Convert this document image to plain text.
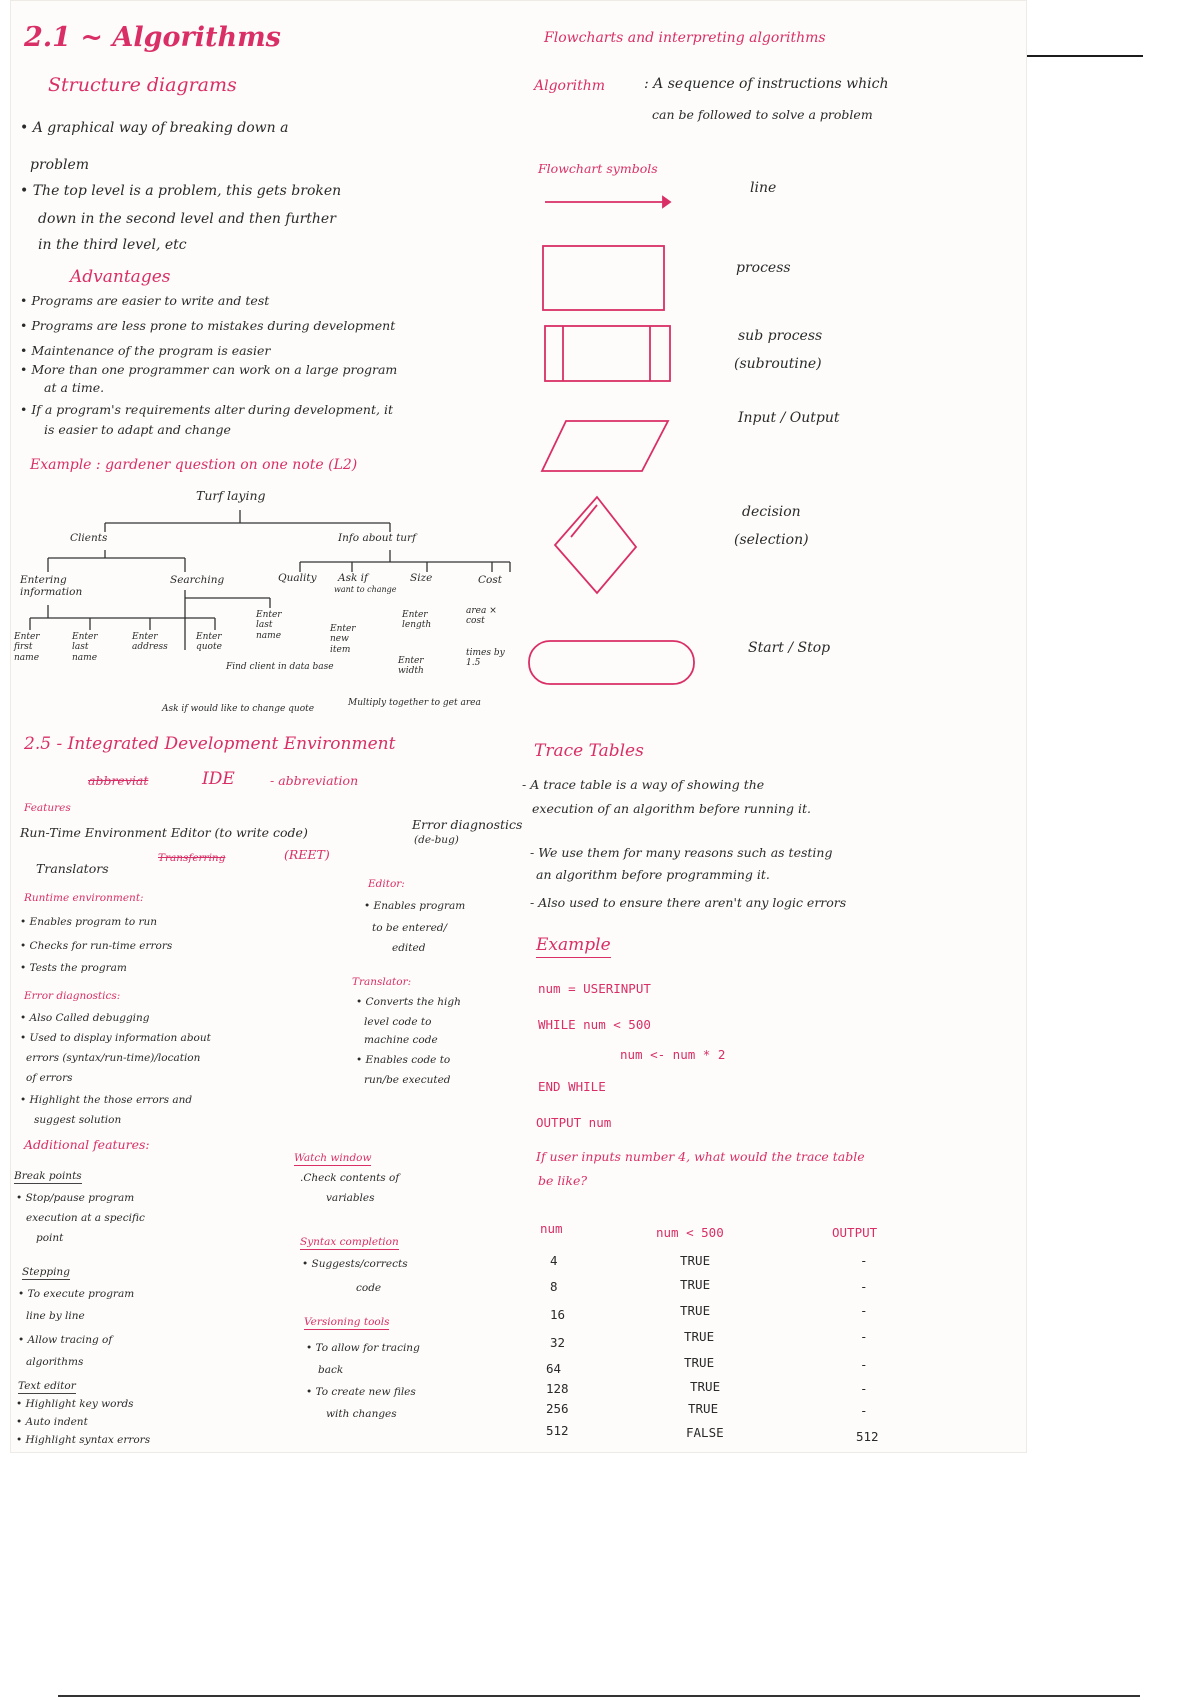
2.1 ~ Algorithms
Structure diagrams
• A graphical way of breaking down a
problem
• The top level is a problem, this gets broken
down in the second level and then further
in the third level, etc
Advantages
• Programs are easier to write and test
• Programs are less prone to mistakes during development
• Maintenance of the program is easier
• More than one programmer can work on a large program
at a time.
• If a program's requirements alter during development, it
is easier to adapt and change
Example : gardener question on one note (L2)
Turf laying
Clients	Info about turf
Entering information
Searching	Quality Ask if
want to change
Size	Cost
Enter first name
Enter last name
Enter address
Enter quote
Enter last name
Find client in data base
Enter new item
Enter length
Enter width
area × cost
times by 1.5
Ask if would like to change quote
Multiply together to get area
2.5 - Integrated Development Environment
abbreviat	IDE	- abbreviation
Features
Run-Time Environment Editor (to write code)
Error diagnostics
(de-bug)
Translators
Transferring	(REET)
Runtime environment:
• Enables program to run
• Checks for run-time errors
• Tests the program
Editor:
• Enables program
to be entered/
edited
Error diagnostics:
• Also Called debugging
• Used to display information about
errors (syntax/run-time)/location
of errors
• Highlight the those errors and
suggest solution
Translator:
• Converts the high
level code to
machine code
• Enables code to
run/be executed
Additional features:
Break points
• Stop/pause program
execution at a specific
point
Stepping
• To execute program
line by line
• Allow tracing of
algorithms
Text editor
• Highlight key words
• Auto indent
• Highlight syntax errors
Watch window
.Check contents of
variables
Syntax completion
• Suggests/corrects
code
Versioning tools
• To allow for tracing
back
• To create new files
with changes
Flowcharts and interpreting algorithms
Algorithm	: A sequence of instructions which
can be followed to solve a problem
Flowchart symbols
line
process
sub process
(subroutine)
Input / Output
decision
(selection)
Start / Stop
Trace Tables
- A trace table is a way of showing the
execution of an algorithm before running it.
- We use them for many reasons such as testing
an algorithm before programming it.
- Also used to ensure there aren't any logic errors
Example
num = USERINPUT
WHILE num < 500
num <- num * 2
END WHILE
OUTPUT num
If user inputs number 4, what would the trace table
be like?
num	num < 500	OUTPUT
4	TRUE	-
8	TRUE	-
16	TRUE	-
32	TRUE	-
64	TRUE	-
128	TRUE	-
256	TRUE	-
512	FALSE	512
